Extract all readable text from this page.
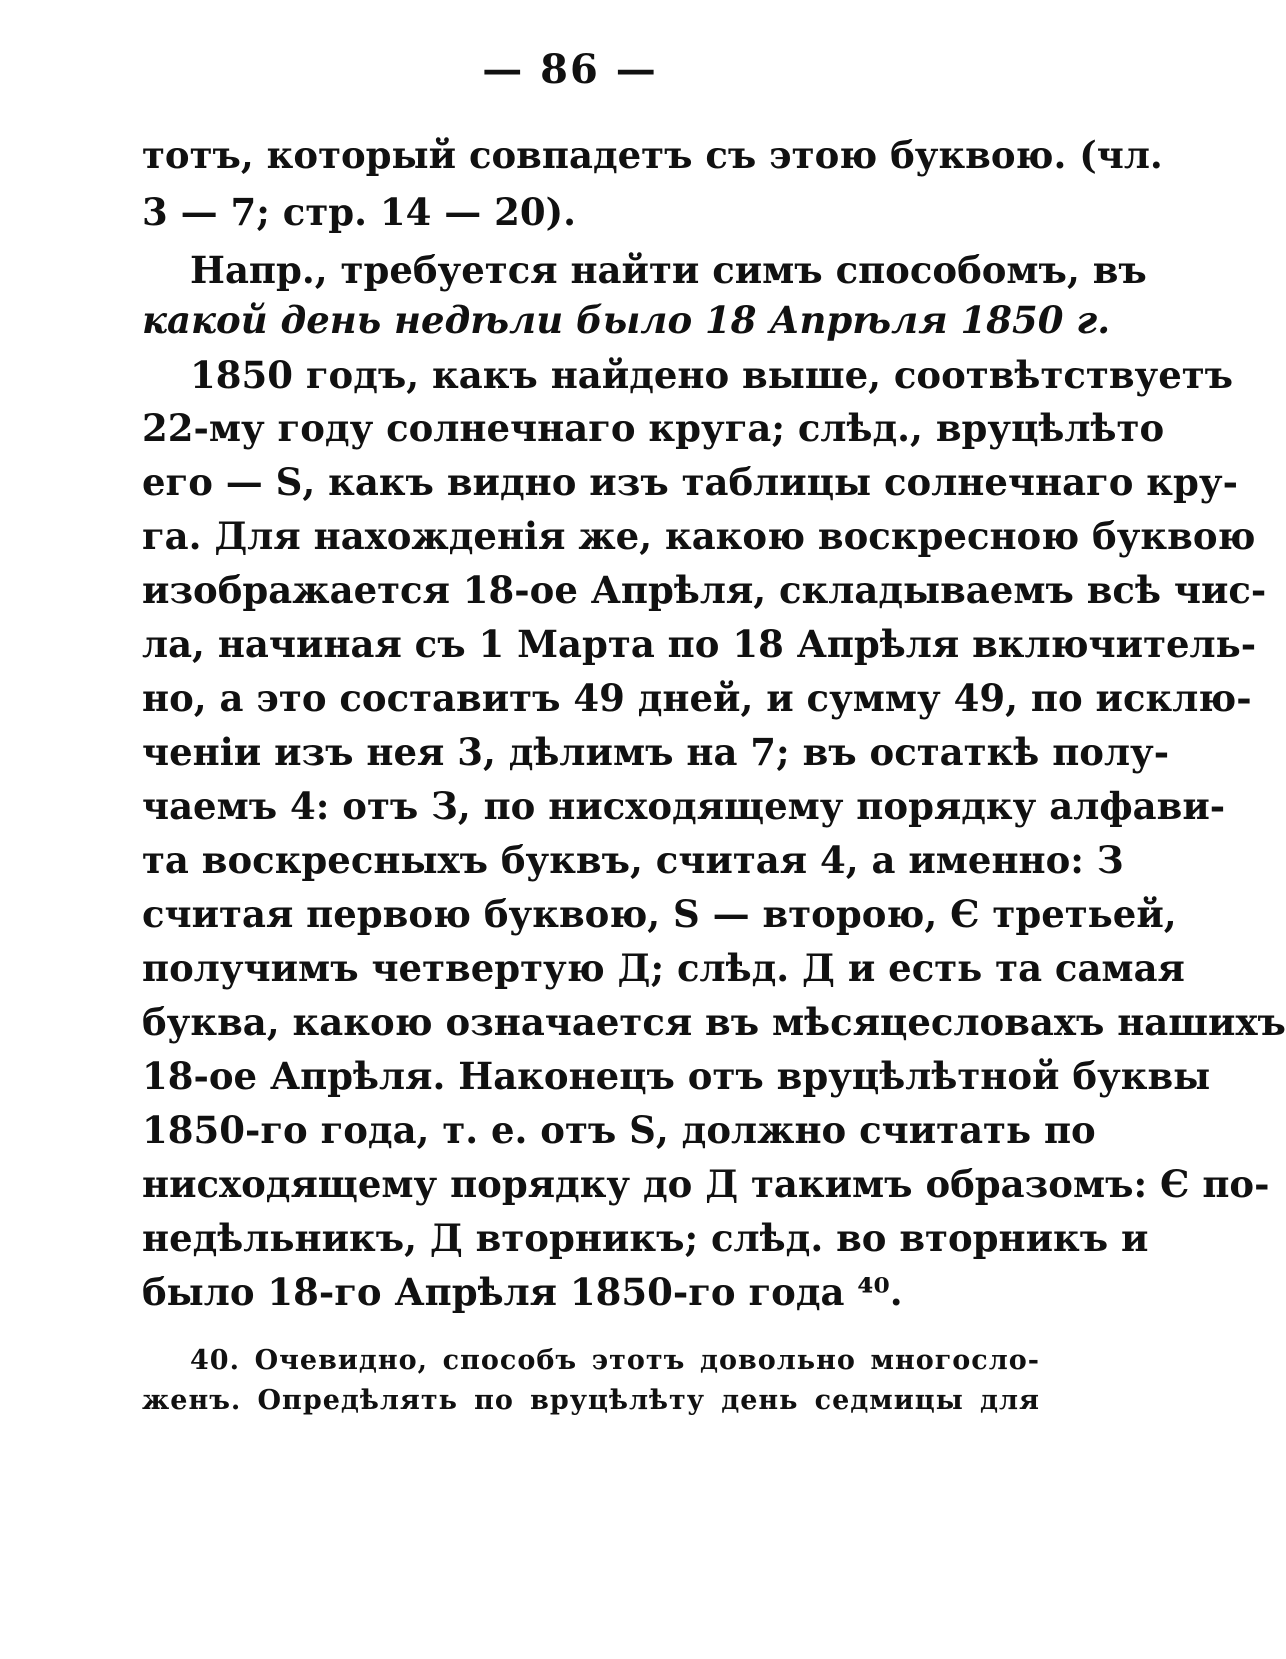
— 86 —
тотъ, который совпадетъ съ этою буквою. (чл.
3 — 7; стр. 14 — 20).
Напр., требуется найти симъ способомъ, въ
какой день недѣли было 18 Апрѣля 1850 г.
1850 годъ, какъ найдено выше, соотвѣтствуетъ
22-му году солнечнаго круга; слѣд., вруцѣлѣто
его — Ѕ, какъ видно изъ таблицы солнечнаго кру-
га. Для нахожденія же, какою воскресною буквою
изображается 18-ое Апрѣля, складываемъ всѣ чис-
ла, начиная съ 1 Марта по 18 Апрѣля включитель-
но, а это составитъ 49 дней, и сумму 49, по исклю-
ченіи изъ нея 3, дѣлимъ на 7; въ остаткѣ полу-
чаемъ 4: отъ З, по нисходящему порядку алфави-
та воскресныхъ буквъ, считая 4, а именно: З
считая первою буквою, Ѕ — второю, Є третьей,
получимъ четвертую Д; слѣд. Д и есть та самая
буква, какою означается въ мѣсяцесловахъ нашихъ
18-ое Апрѣля. Наконецъ отъ вруцѣлѣтной буквы
1850-го года, т. е. отъ Ѕ, должно считать по
нисходящему порядку до Д такимъ образомъ: Є по-
недѣльникъ, Д вторникъ; слѣд. во вторникъ и
было 18-го Апрѣля 1850-го года ⁴⁰.
40. Очевидно, способъ этотъ довольно многосло-
женъ. Опредѣлять по вруцѣлѣту день седмицы для
